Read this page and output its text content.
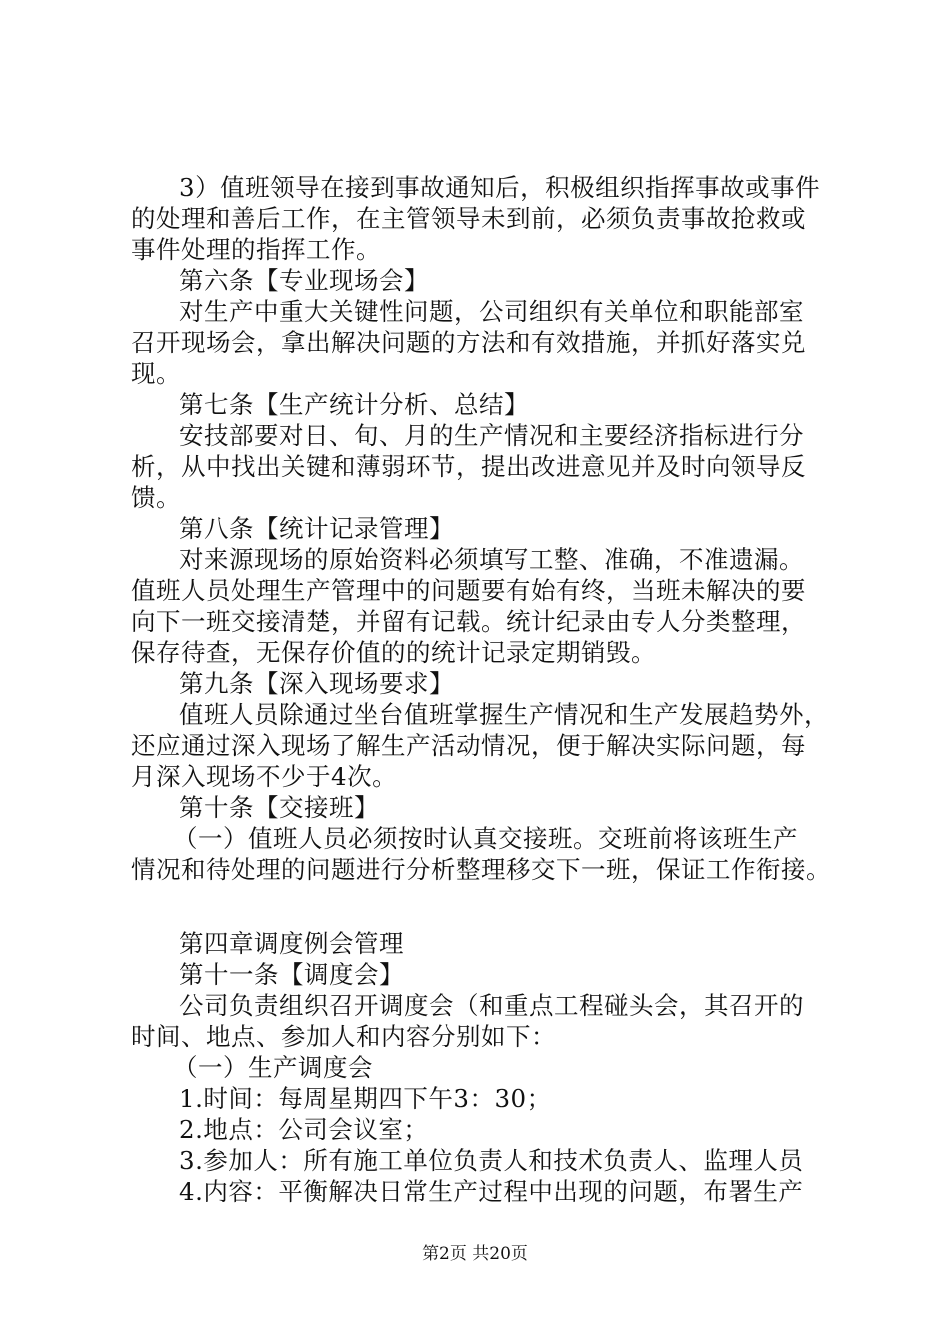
3）值班领导在接到事故通知后，积极组织指挥事故或事件
的处理和善后工作，在主管领导未到前，必须负责事故抢救或
事件处理的指挥工作。
第六条【专业现场会】
对生产中重大关键性问题，公司组织有关单位和职能部室
召开现场会，拿出解决问题的方法和有效措施，并抓好落实兑
现。
第七条【生产统计分析、总结】
安技部要对日、旬、月的生产情况和主要经济指标进行分
析，从中找出关键和薄弱环节，提出改进意见并及时向领导反
馈。
第八条【统计记录管理】
对来源现场的原始资料必须填写工整、准确，不准遗漏。
值班人员处理生产管理中的问题要有始有终，当班未解决的要
向下一班交接清楚，并留有记载。统计纪录由专人分类整理，
保存待查，无保存价值的的统计记录定期销毁。
第九条【深入现场要求】
值班人员除通过坐台值班掌握生产情况和生产发展趋势外，
还应通过深入现场了解生产活动情况，便于解决实际问题，每
月深入现场不少于4次。
第十条【交接班】
（一）值班人员必须按时认真交接班。交班前将该班生产
情况和待处理的问题进行分析整理移交下一班，保证工作衔接。
第四章调度例会管理
第十一条【调度会】
公司负责组织召开调度会（和重点工程碰头会，其召开的
时间、地点、参加人和内容分别如下：
（一）生产调度会
1.时间：每周星期四下午3：30；
2.地点：公司会议室；
3.参加人：所有施工单位负责人和技术负责人、监理人员
4.内容：平衡解决日常生产过程中出现的问题，布署生产
第2页 共20页
